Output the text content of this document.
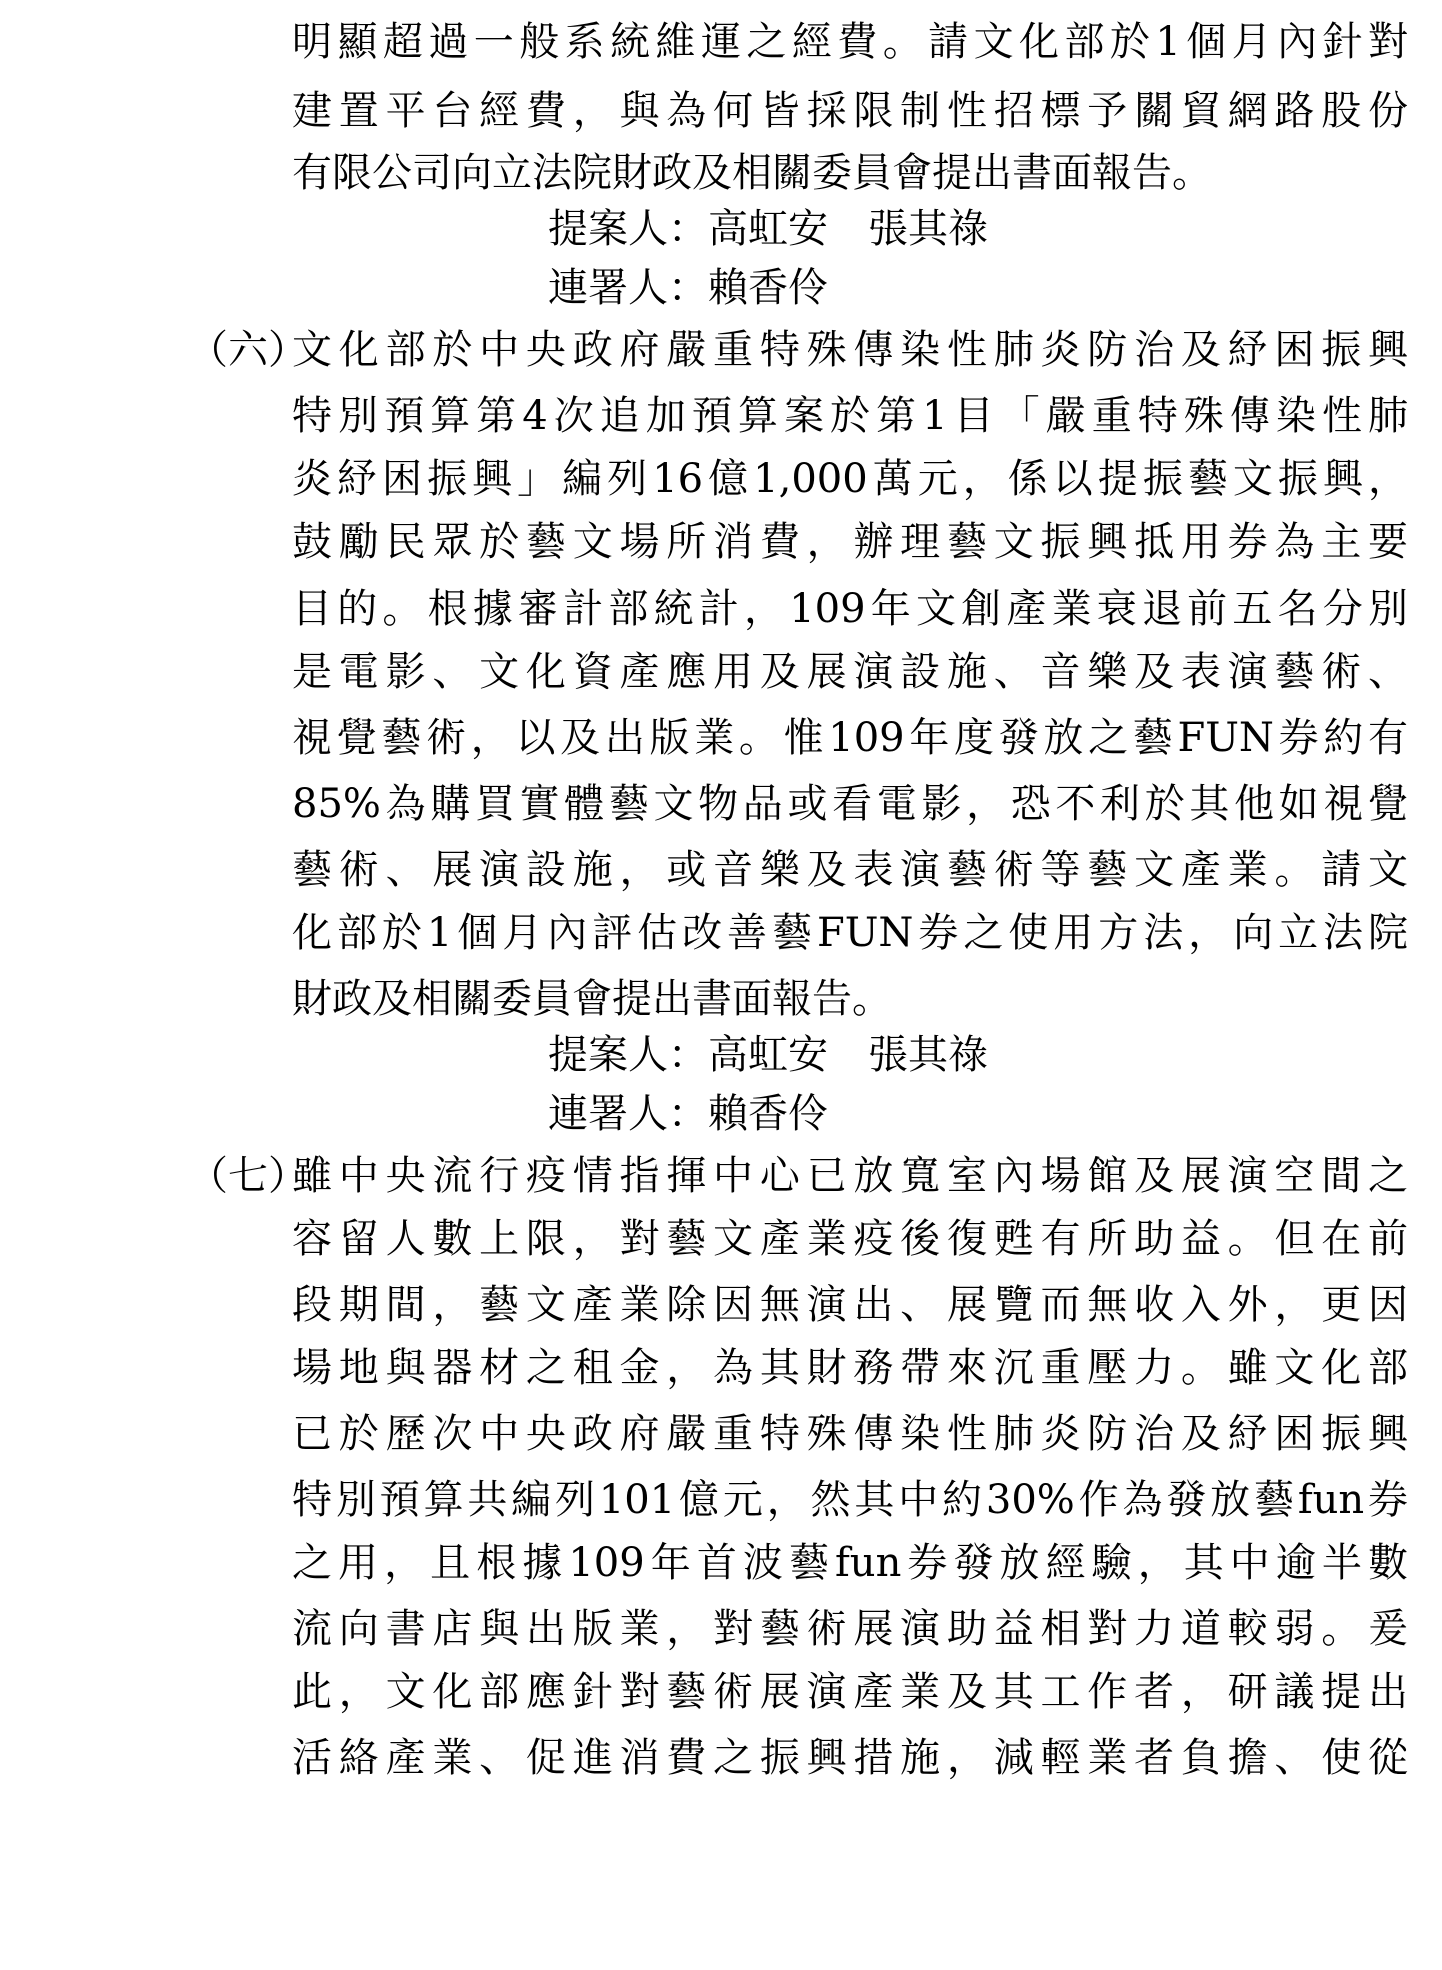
明顯超過一般系統維運之經費。請文化部於1個月內針對
建置平台經費，與為何皆採限制性招標予關貿網路股份
有限公司向立法院財政及相關委員會提出書面報告。
提案人：高虹安　張其祿
連署人：賴香伶
（六）
文化部於中央政府嚴重特殊傳染性肺炎防治及紓困振興
特別預算第4次追加預算案於第1目「嚴重特殊傳染性肺
炎紓困振興」編列16億1,000萬元，係以提振藝文振興，
鼓勵民眾於藝文場所消費，辦理藝文振興抵用券為主要
目的。根據審計部統計，109年文創產業衰退前五名分別
是電影、文化資產應用及展演設施、音樂及表演藝術、
視覺藝術，以及出版業。惟109年度發放之藝FUN券約有
85%為購買實體藝文物品或看電影，恐不利於其他如視覺
藝術、展演設施，或音樂及表演藝術等藝文產業。請文
化部於1個月內評估改善藝FUN券之使用方法，向立法院
財政及相關委員會提出書面報告。
提案人：高虹安　張其祿
連署人：賴香伶
（七）
雖中央流行疫情指揮中心已放寬室內場館及展演空間之
容留人數上限，對藝文產業疫後復甦有所助益。但在前
段期間，藝文產業除因無演出、展覽而無收入外，更因
場地與器材之租金，為其財務帶來沉重壓力。雖文化部
已於歷次中央政府嚴重特殊傳染性肺炎防治及紓困振興
特別預算共編列101億元，然其中約30%作為發放藝fun券
之用，且根據109年首波藝fun券發放經驗，其中逾半數
流向書店與出版業，對藝術展演助益相對力道較弱。爰
此，文化部應針對藝術展演產業及其工作者，研議提出
活絡產業、促進消費之振興措施，減輕業者負擔、使從
